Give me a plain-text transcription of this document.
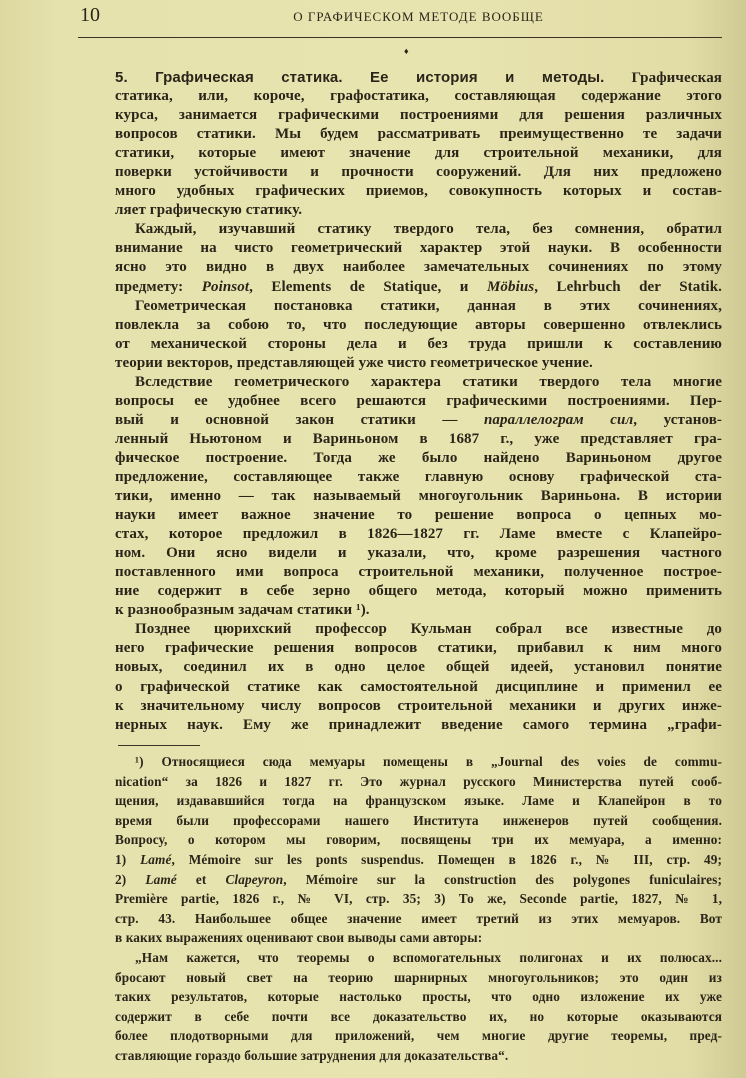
10	О ГРАФИЧЕСКОМ МЕТОДЕ ВООБЩЕ
♦
5. Графическая статика. Ее история и методы. Графическая
статика, или, короче, графостатика, составляющая содержание этого
курса, занимается графическими построениями для решения различных
вопросов статики. Мы будем рассматривать преимущественно те задачи
статики, которые имеют значение для строительной механики, для
поверки устойчивости и прочности сооружений. Для них предложено
много удобных графических приемов, совокупность которых и состав-
ляет графическую статику.
Каждый, изучавший статику твердого тела, без сомнения, обратил
внимание на чисто геометрический характер этой науки. В особенности
ясно это видно в двух наиболее замечательных сочинениях по этому
предмету: Poinsot, Elements de Statique, и Möbius, Lehrbuch der Statik.
Геометрическая постановка статики, данная в этих сочинениях,
повлекла за собою то, что последующие авторы совершенно отвлеклись
от механической стороны дела и без труда пришли к составлению
теории векторов, представляющей уже чисто геометрическое учение.
Вследствие геометрического характера статики твердого тела многие
вопросы ее удобнее всего решаются графическими построениями. Пер-
вый и основной закон статики — параллелограм сил, установ-
ленный Ньютоном и Вариньоном в 1687 г., уже представляет гра-
фическое построение. Тогда же было найдено Вариньоном другое
предложение, составляющее также главную основу графической ста-
тики, именно — так называемый многоугольник Вариньона. В истории
науки имеет важное значение то решение вопроса о цепных мо-
стах, которое предложил в 1826—1827 гг. Ламе вместе с Клапейро-
ном. Они ясно видели и указали, что, кроме разрешения частного
поставленного ими вопроса строительной механики, полученное построе-
ние содержит в себе зерно общего метода, который можно применить
к разнообразным задачам статики ¹).
Позднее цюрихский профессор Кульман собрал все известные до
него графические решения вопросов статики, прибавил к ним много
новых, соединил их в одно целое общей идеей, установил понятие
о графической статике как самостоятельной дисциплине и применил ее
к значительному числу вопросов строительной механики и других инже-
нерных наук. Ему же принадлежит введение самого термина „графи-
¹) Относящиеся сюда мемуары помещены в „Journal des voies de commu-
nication“ за 1826 и 1827 гг. Это журнал русского Министерства путей сооб-
щения, издававшийся тогда на французском языке. Ламе и Клапейрон в то
время были профессорами нашего Института инженеров путей сообщения.
Вопросу, о котором мы говорим, посвящены три их мемуара, а именно:
1) Lamé, Mémoire sur les ponts suspendus. Помещен в 1826 г., № III, стр. 49;
2) Lamé et Clapeyron, Mémoire sur la construction des polygones funiculaires;
Première partie, 1826 г., № VI, стр. 35; 3) То же, Seconde partie, 1827, № 1,
стр. 43. Наибольшее общее значение имеет третий из этих мемуаров. Вот
в каких выражениях оценивают свои выводы сами авторы:
„Нам кажется, что теоремы о вспомогательных полигонах и их полюсах...
бросают новый свет на теорию шарнирных многоугольников; это один из
таких результатов, которые настолько просты, что одно изложение их уже
содержит в себе почти все доказательство их, но которые оказываются
более плодотворными для приложений, чем многие другие теоремы, пред-
ставляющие гораздо большие затруднения для доказательства“.
